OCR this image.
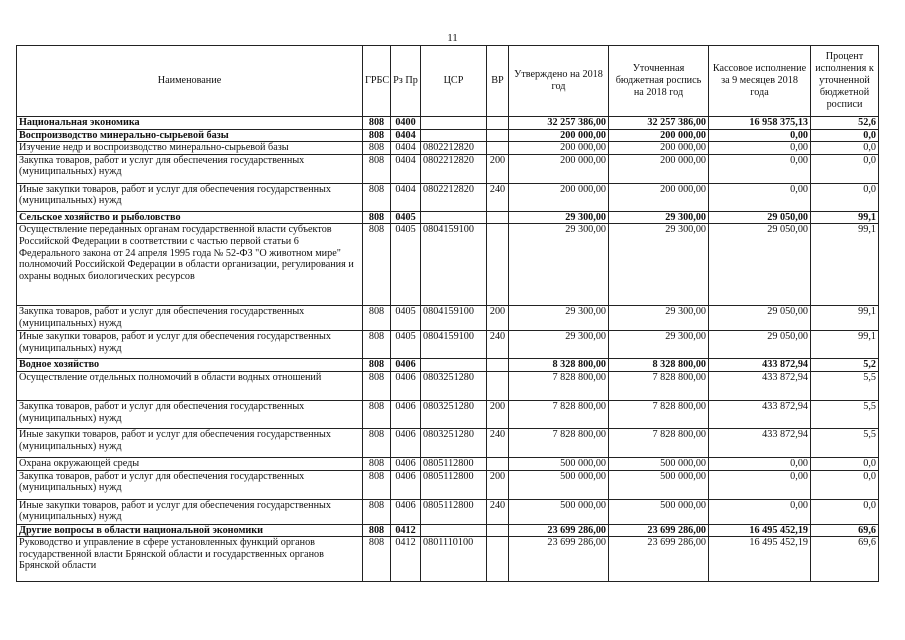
11
Наименование	ГРБС	Рз Пр	ЦСР	ВР	Утверждено на 2018 год	Уточненная бюджетная роспись на 2018 год	Кассовое исполнение за 9 месяцев 2018 года	Процент исполнения к уточненной бюджетной росписи
Национальная экономика	808	0400			32 257 386,00	32 257 386,00	16 958 375,13	52,6
Воспроизводство минерально-сырьевой базы	808	0404			200 000,00	200 000,00	0,00	0,0
Изучение недр и воспроизводство минерально-сырьевой базы	808	0404	0802212820		200 000,00	200 000,00	0,00	0,0
Закупка товаров, работ и услуг для обеспечения государственных (муниципальных) нужд	808	0404	0802212820	200	200 000,00	200 000,00	0,00	0,0
Иные закупки товаров, работ и услуг для обеспечения государственных (муниципальных) нужд	808	0404	0802212820	240	200 000,00	200 000,00	0,00	0,0
Сельское хозяйство и рыболовство	808	0405			29 300,00	29 300,00	29 050,00	99,1
Осуществление переданных органам государственной власти субъектов Российской Федерации в соответствии с частью первой статьи 6 Федерального закона от 24 апреля 1995 года № 52-ФЗ "О животном мире" полномочий Российской Федерации в области организации, регулирования и охраны водных биологических ресурсов	808	0405	0804159100		29 300,00	29 300,00	29 050,00	99,1
Закупка товаров, работ и услуг для обеспечения государственных (муниципальных) нужд	808	0405	0804159100	200	29 300,00	29 300,00	29 050,00	99,1
Иные закупки товаров, работ и услуг для обеспечения государственных (муниципальных) нужд	808	0405	0804159100	240	29 300,00	29 300,00	29 050,00	99,1
Водное хозяйство	808	0406			8 328 800,00	8 328 800,00	433 872,94	5,2
Осуществление отдельных полномочий в области водных отношений	808	0406	0803251280		7 828 800,00	7 828 800,00	433 872,94	5,5
Закупка товаров, работ и услуг для обеспечения государственных (муниципальных) нужд	808	0406	0803251280	200	7 828 800,00	7 828 800,00	433 872,94	5,5
Иные закупки товаров, работ и услуг для обеспечения государственных (муниципальных) нужд	808	0406	0803251280	240	7 828 800,00	7 828 800,00	433 872,94	5,5
Охрана окружающей среды	808	0406	0805112800		500 000,00	500 000,00	0,00	0,0
Закупка товаров, работ и услуг для обеспечения государственных (муниципальных) нужд	808	0406	0805112800	200	500 000,00	500 000,00	0,00	0,0
Иные закупки товаров, работ и услуг для обеспечения государственных (муниципальных) нужд	808	0406	0805112800	240	500 000,00	500 000,00	0,00	0,0
Другие вопросы в области национальной экономики	808	0412			23 699 286,00	23 699 286,00	16 495 452,19	69,6
Руководство и управление в сфере установленных функций органов государственной власти Брянской области и государственных органов Брянской области	808	0412	0801110100		23 699 286,00	23 699 286,00	16 495 452,19	69,6
